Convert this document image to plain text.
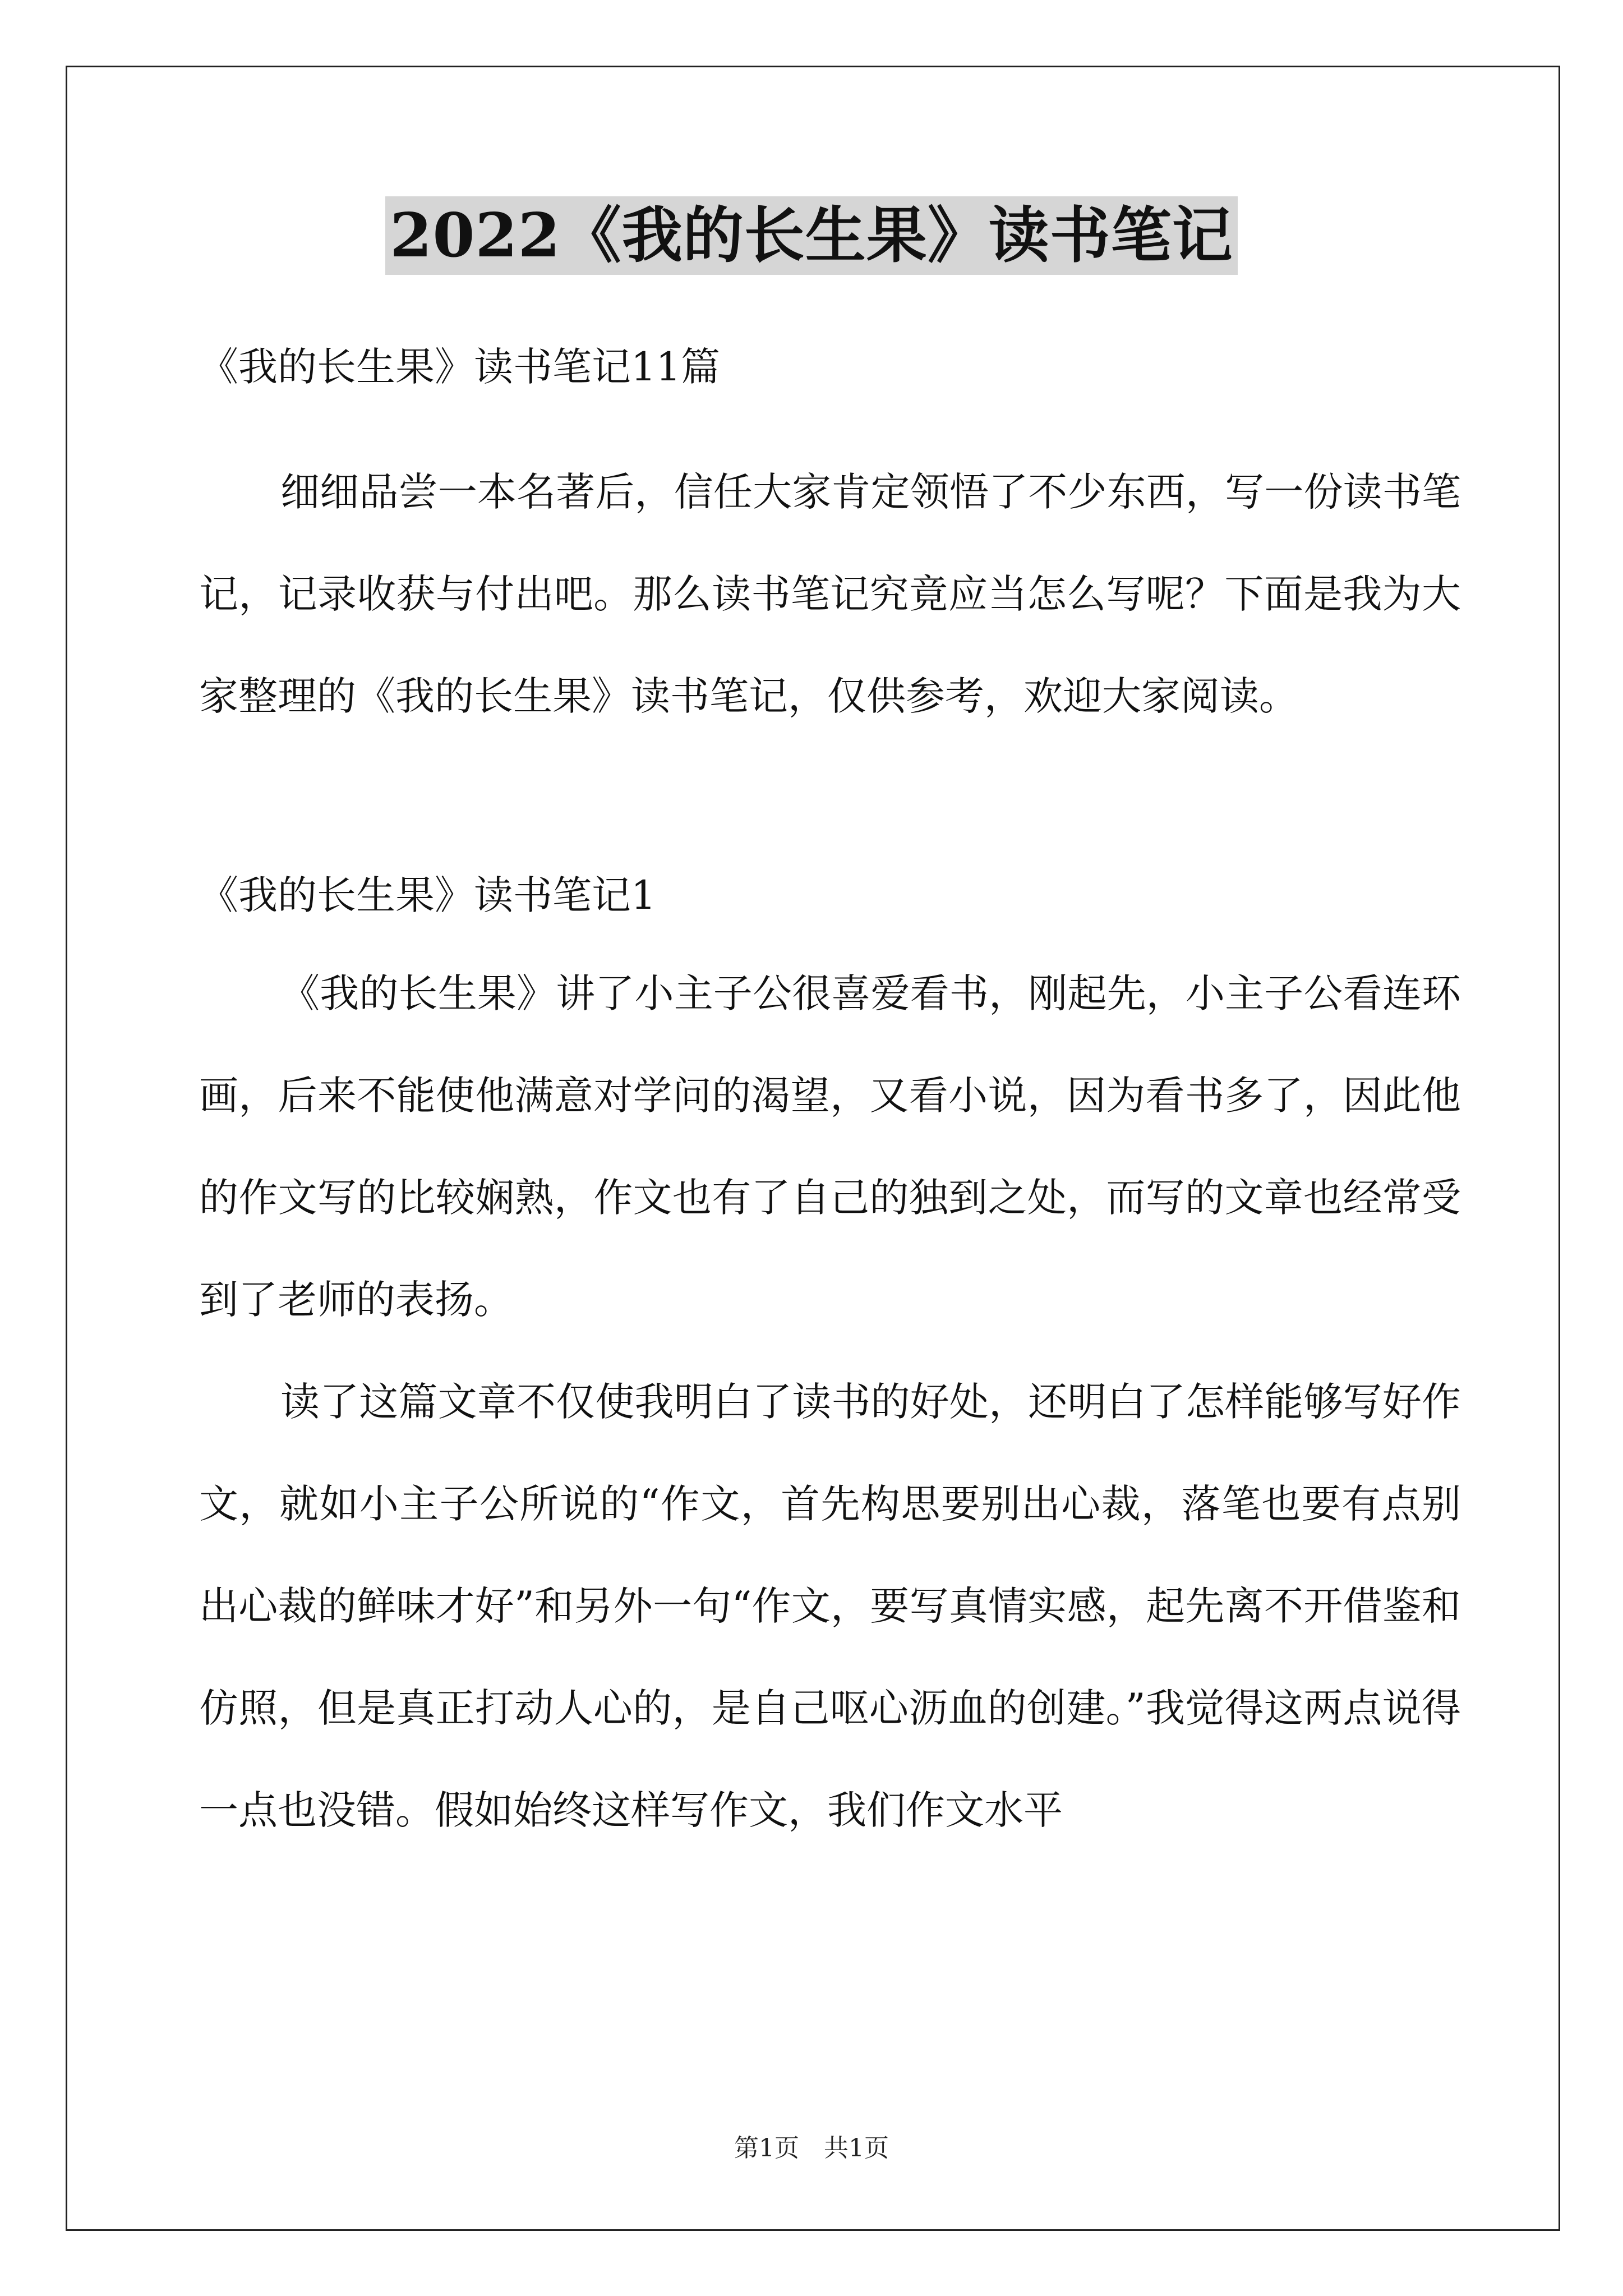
2022《我的长生果》读书笔记

《我的长生果》读书笔记11篇

细细品尝一本名著后，信任大家肯定领悟了不少东西，写一份读书笔记，记录收获与付出吧。那么读书笔记究竟应当怎么写呢？下面是我为大家整理的《我的长生果》读书笔记，仅供参考，欢迎大家阅读。

《我的长生果》读书笔记1

《我的长生果》讲了小主子公很喜爱看书，刚起先，小主子公看连环画，后来不能使他满意对学问的渴望，又看小说，因为看书多了，因此他的作文写的比较娴熟，作文也有了自己的独到之处，而写的文章也经常受到了老师的表扬。

读了这篇文章不仅使我明白了读书的好处，还明白了怎样能够写好作文，就如小主子公所说的“作文，首先构思要别出心裁，落笔也要有点别出心裁的鲜味才好”和另外一句“作文，要写真情实感，起先离不开借鉴和仿照，但是真正打动人心的，是自己呕心沥血的创建。”我觉得这两点说得一点也没错。假如始终这样写作文，我们作文水平

第1页　共1页
